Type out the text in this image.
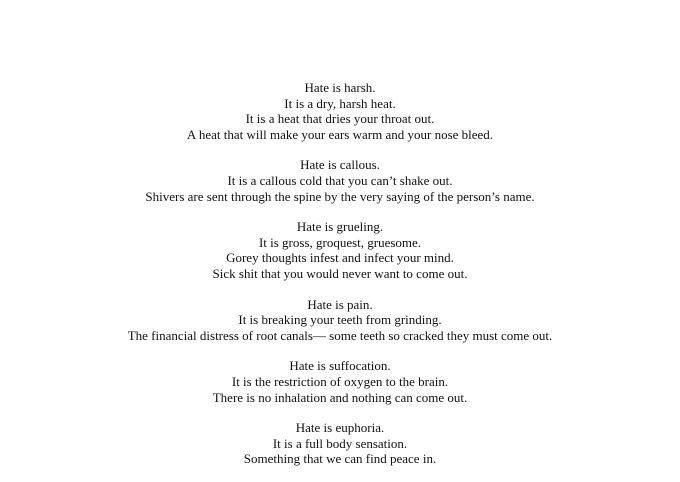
Hate is harsh.
It is a dry, harsh heat.
It is a heat that dries your throat out.
A heat that will make your ears warm and your nose bleed.
Hate is callous.
It is a callous cold that you can’t shake out.
Shivers are sent through the spine by the very saying of the person’s name.
Hate is grueling.
It is gross, groquest, gruesome.
Gorey thoughts infest and infect your mind.
Sick shit that you would never want to come out.
Hate is pain.
It is breaking your teeth from grinding.
The financial distress of root canals— some teeth so cracked they must come out.
Hate is suffocation.
It is the restriction of oxygen to the brain.
There is no inhalation and nothing can come out.
Hate is euphoria.
It is a full body sensation.
Something that we can find peace in.
